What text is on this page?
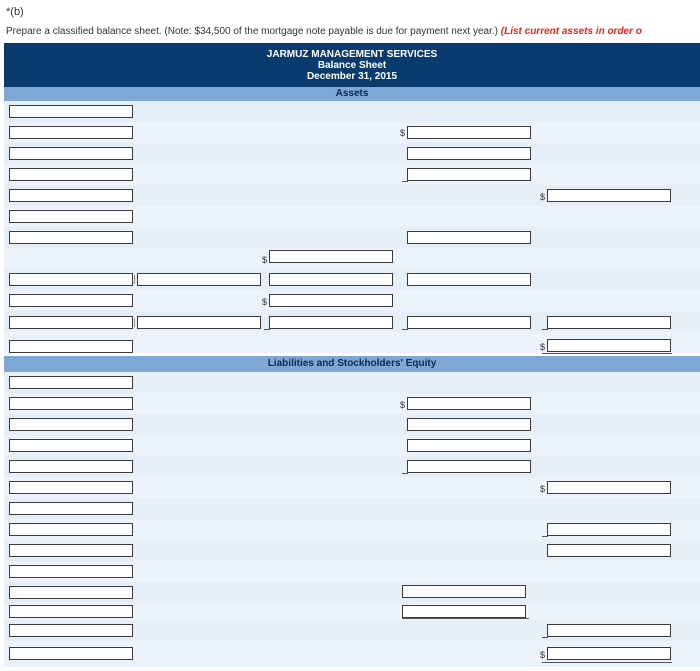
*(b)
Prepare a classified balance sheet. (Note: $34,500 of the mortgage note payable is due for payment next year.) (List current assets in order o
JARMUZ MANAGEMENT SERVICES
Balance Sheet
December 31, 2015
Assets
$
$
$
$
$
Liabilities and Stockholders' Equity
$
$
$
